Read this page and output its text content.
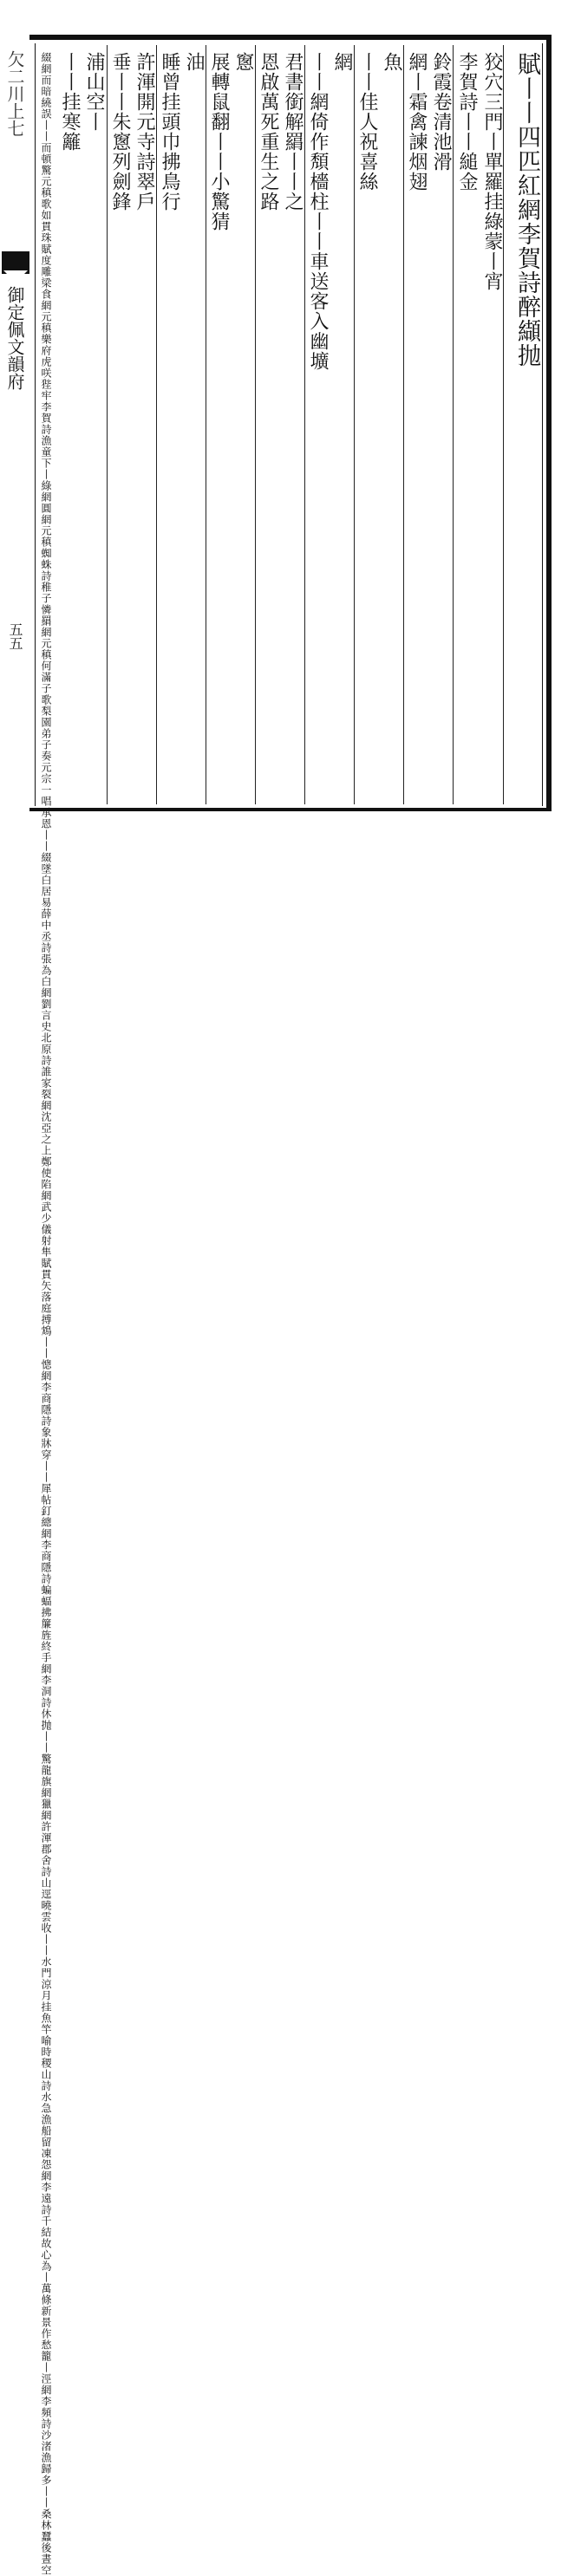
欠二川上七
御定佩文韻府
五五
賦丨丨四匹紅網李賀詩醉纈抛
狡穴三門丨單羅挂綠蒙丨宵
李賀詩丨丨縋金
鈴霞卷清池滑
網丨霜禽諫烟翅
魚
丨丨佳人祝喜絲
網
丨丨網倚作頽檣柱丨丨車送客入幽壙
君書銜解羂丨丨之
恩啟萬死重生之路
窻
展轉鼠翻丨丨小驚猜
油
睡曾挂頭巾拂鳥行
許渾開元寺詩翠戶
垂丨丨朱窻列劍鋒
浦山空丨
丨丨挂寒籬
綴網而暗繞誤丨丨而頓驚元稹歌如貫珠賦度雕梁食網元稹樂府虎咲狴牢李賀詩漁童下丨綠網圓網元稹蜘蛛詩稚子憐羂網元稹何滿子歌梨園弟子奏元宗一唱承恩丨丨綴墜白居易薛中丞詩張為白網劉言史北原詩誰家裂網沈亞之上鄭使陷網武少儀射隼賦貫矢落庭搏鴆丨丨憁網李商隱詩象牀穿丨丨犀帖釘總網李商隱詩蝙蝠拂簾旌終手網李洞詩休抛丨丨驚龍旗網獵網許渾郡舍詩山逕曉雲收丨丨水門涼月挂魚竿喻時稷山詩水急漁船留凍怨網李遠詩千結故心為丨萬條新景作愁籠丨涇網李頻詩沙渚漁歸多丨丨桑林蠶後晝空
